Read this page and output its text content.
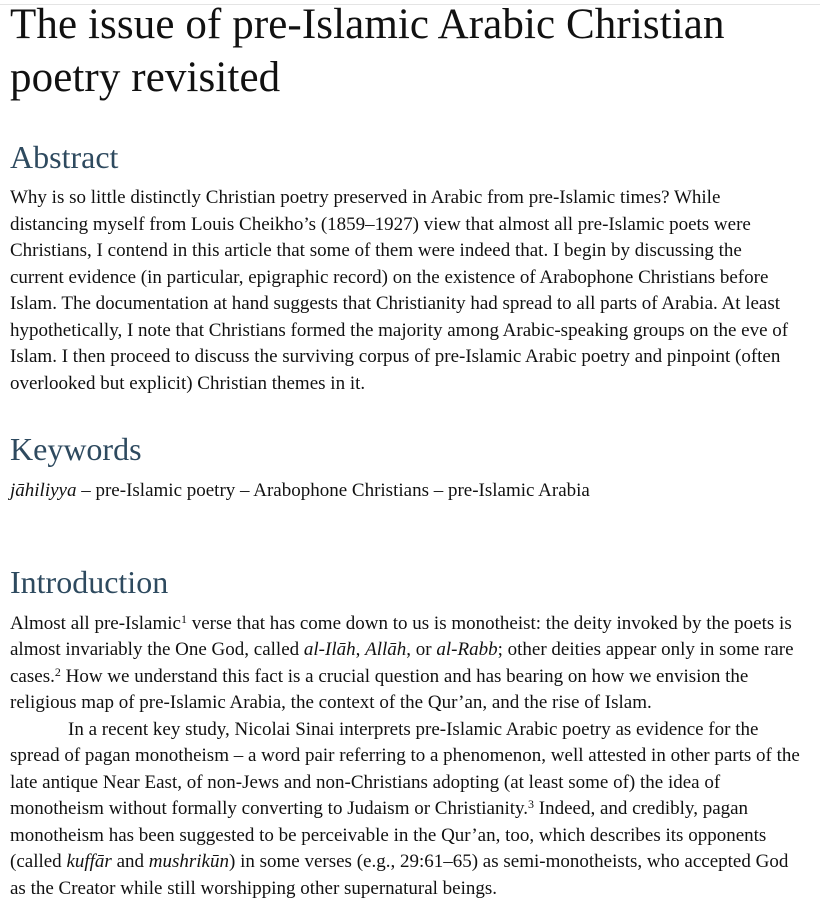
The issue of pre-Islamic Arabic Christian poetry revisited
Abstract

Why is so little distinctly Christian poetry preserved in Arabic from pre-Islamic times? While distancing myself from Louis Cheikho’s (1859–1927) view that almost all pre-Islamic poets were Christians, I contend in this article that some of them were indeed that. I begin by discussing the current evidence (in particular, epigraphic record) on the existence of Arabophone Christians before Islam. The documentation at hand suggests that Christianity had spread to all parts of Arabia. At least hypothetically, I note that Christians formed the majority among Arabic-speaking groups on the eve of Islam. I then proceed to discuss the surviving corpus of pre-Islamic Arabic poetry and pinpoint (often overlooked but explicit) Christian themes in it.

Keywords

jāhiliyya – pre-Islamic poetry – Arabophone Christians – pre-Islamic Arabia

Introduction

Almost all pre-Islamic$^1$ verse that has come down to us is monotheist: the deity invoked by the poets is almost invariably the One God, called al-Ilāh, Allāh, or al-Rabb; other deities appear only in some rare cases.$^2$ How we understand this fact is a crucial question and has bearing on how we envision the religious map of pre-Islamic Arabia, the context of the Qur’an, and the rise of Islam.

In a recent key study, Nicolai Sinai interprets pre-Islamic Arabic poetry as evidence for the spread of pagan monotheism – a word pair referring to a phenomenon, well attested in other parts of the late antique Near East, of non-Jews and non-Christians adopting (at least some of) the idea of monotheism without formally converting to Judaism or Christianity.$^3$ Indeed, and credibly, pagan monotheism has been suggested to be perceivable in the Qur’an, too, which describes its opponents (called kuffār and mushrikūn) in some verses (e.g., 29:61–65) as semi-monotheists, who accepted God as the Creator while still worshipping other supernatural beings.
